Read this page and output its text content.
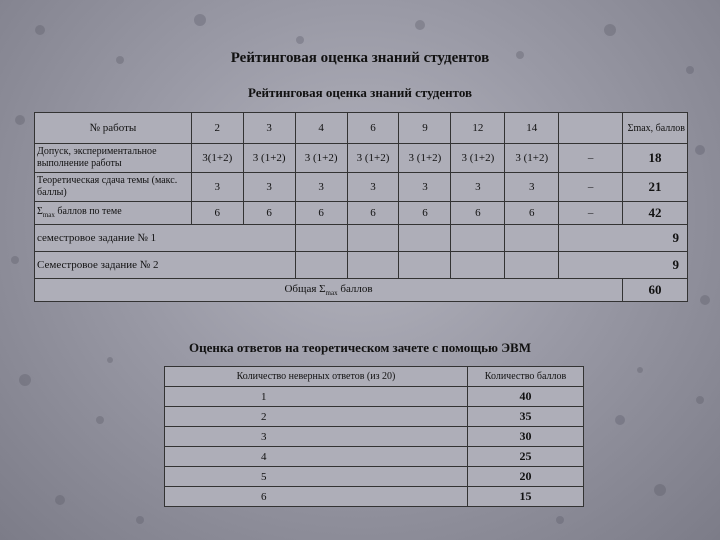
Рейтинговая оценка знаний студентов
Рейтинговая оценка знаний студентов
№ работы	2	3	4	6	9	12	14		Σmax, баллов
Допуск, экспериментальное выполнение работы	3(1+2)	3 (1+2)	3 (1+2)	3 (1+2)	3 (1+2)	3 (1+2)	3 (1+2)	–	18
Теоретическая сдача темы (макс. баллы)	3	3	3	3	3	3	3	–	21
$\Sigma_{max}$ баллов по теме	6	6	6	6	6	6	6	–	42
семестровое задание № 1								9	
Семестровое задание № 2								9	
Общая $\Sigma_{max}$ баллов									60
Оценка ответов на теоретическом зачете с помощью ЭВМ
Количество неверных ответов (из 20)	Количество баллов
1	40
2	35
3	30
4	25
5	20
6	15
